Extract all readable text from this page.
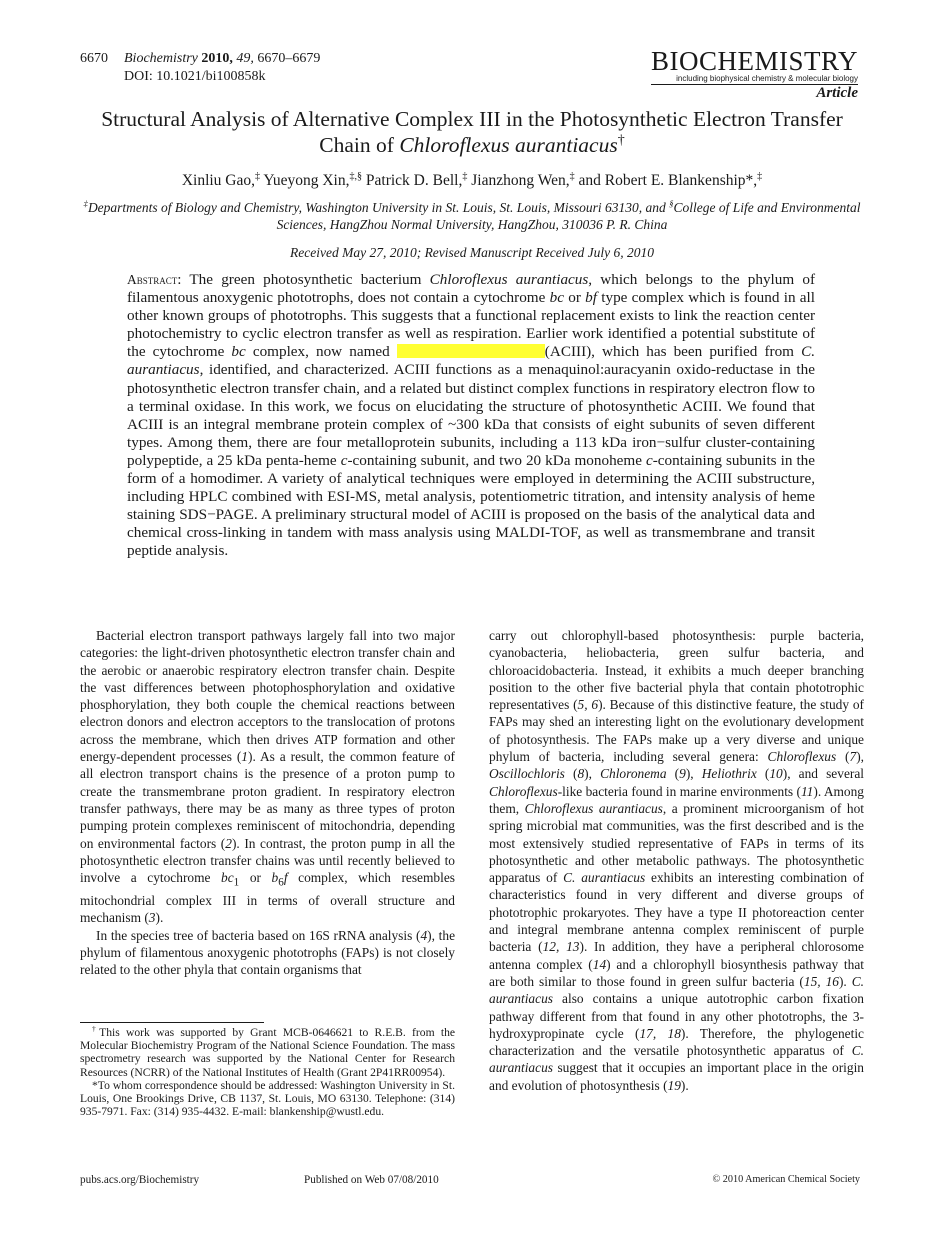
6670 Biochemistry 2010, 49, 6670–6679
DOI: 10.1021/bi100858k
BIOCHEMISTRY
including biophysical chemistry & molecular biology
Article
Structural Analysis of Alternative Complex III in the Photosynthetic Electron Transfer
Chain of Chloroflexus aurantiacus†
Xinliu Gao,‡ Yueyong Xin,‡,§ Patrick D. Bell,‡ Jianzhong Wen,‡ and Robert E. Blankenship*,‡
‡Departments of Biology and Chemistry, Washington University in St. Louis, St. Louis, Missouri 63130, and §College of Life and Environmental Sciences, HangZhou Normal University, HangZhou, 310036 P. R. China
Received May 27, 2010; Revised Manuscript Received July 6, 2010
Abstract: The green photosynthetic bacterium Chloroflexus aurantiacus, which belongs to the phylum of filamentous anoxygenic phototrophs, does not contain a cytochrome bc or bf type complex which is found in all other known groups of phototrophs. This suggests that a functional replacement exists to link the reaction center photochemistry to cyclic electron transfer as well as respiration. Earlier work identified a potential substitute of the cytochrome bc complex, now named	(ACIII), which has been purified from C. aurantiacus, identified, and characterized. ACIII functions as a menaquinol:auracyanin oxido-reductase in the photosynthetic electron transfer chain, and a related but distinct complex functions in respiratory electron flow to a terminal oxidase. In this work, we focus on elucidating the structure of photosynthetic ACIII. We found that ACIII is an integral membrane protein complex of ~300 kDa that consists of eight subunits of seven different types. Among them, there are four metalloprotein subunits, including a 113 kDa iron−sulfur cluster-containing polypeptide, a 25 kDa penta-heme c-containing subunit, and two 20 kDa monoheme c-containing subunits in the form of a homodimer. A variety of analytical techniques were employed in determining the ACIII substructure, including HPLC combined with ESI-MS, metal analysis, potentiometric titration, and intensity analysis of heme staining SDS−PAGE. A preliminary structural model of ACIII is proposed on the basis of the analytical data and chemical cross-linking in tandem with mass analysis using MALDI-TOF, as well as transmembrane and transit peptide analysis.

Bacterial electron transport pathways largely fall into two major categories: the light-driven photosynthetic electron transfer chain and the aerobic or anaerobic respiratory electron transfer chain. Despite the vast differences between photophosphorylation and oxidative phosphorylation, they both couple the chemical reactions between electron donors and electron acceptors to the translocation of protons across the membrane, which then drives ATP formation and other energy-dependent processes (1). As a result, the common feature of all electron transport chains is the presence of a proton pump to create the transmembrane proton gradient. In respiratory electron transfer pathways, there may be as many as three types of proton pumping protein complexes reminiscent of mitochondria, depending on environmental factors (2). In contrast, the proton pump in all the photosynthetic electron transfer chains was until recently believed to involve a cytochrome $bc_1$ or $b_6f$ complex, which resembles mitochondrial complex III in terms of overall structure and mechanism (3).

In the species tree of bacteria based on 16S rRNA analysis (4), the phylum of filamentous anoxygenic phototrophs (FAPs) is not closely related to the other phyla that contain organisms that

carry out chlorophyll-based photosynthesis: purple bacteria, cyanobacteria, heliobacteria, green sulfur bacteria, and chloroacidobacteria. Instead, it exhibits a much deeper branching position to the other five bacterial phyla that contain phototrophic representatives (5, 6). Because of this distinctive feature, the study of FAPs may shed an interesting light on the evolutionary development of photosynthesis. The FAPs make up a very diverse and unique phylum of bacteria, including several genera: Chloroflexus (7), Oscillochloris (8), Chloronema (9), Heliothrix (10), and several Chloroflexus-like bacteria found in marine environments (11). Among them, Chloroflexus aurantiacus, a prominent microorganism of hot spring microbial mat communities, was the first described and is the most extensively studied representative of FAPs in terms of its photosynthetic and other metabolic pathways. The photosynthetic apparatus of C. aurantiacus exhibits an interesting combination of characteristics found in very different and diverse groups of phototrophic prokaryotes. They have a type II photoreaction center and integral membrane antenna complex reminiscent of purple bacteria (12, 13). In addition, they have a peripheral chlorosome antenna complex (14) and a chlorophyll biosynthesis pathway that are both similar to those found in green sulfur bacteria (15, 16). C. aurantiacus also contains a unique autotrophic carbon fixation pathway different from that found in any other phototrophs, the 3-hydroxypropinate cycle (17, 18). Therefore, the phylogenetic characterization and the versatile photosynthetic apparatus of C. aurantiacus suggest that it occupies an important place in the origin and evolution of photosynthesis (19).

†This work was supported by Grant MCB-0646621 to R.E.B. from the Molecular Biochemistry Program of the National Science Foundation. The mass spectrometry research was supported by the National Center for Research Resources (NCRR) of the National Institutes of Health (Grant 2P41RR00954).

*To whom correspondence should be addressed: Washington University in St. Louis, One Brookings Drive, CB 1137, St. Louis, MO 63130. Telephone: (314) 935-7971. Fax: (314) 935-4432. E-mail: blankenship@wustl.edu.

pubs.acs.org/Biochemistry	Published on Web 07/08/2010	© 2010 American Chemical Society
